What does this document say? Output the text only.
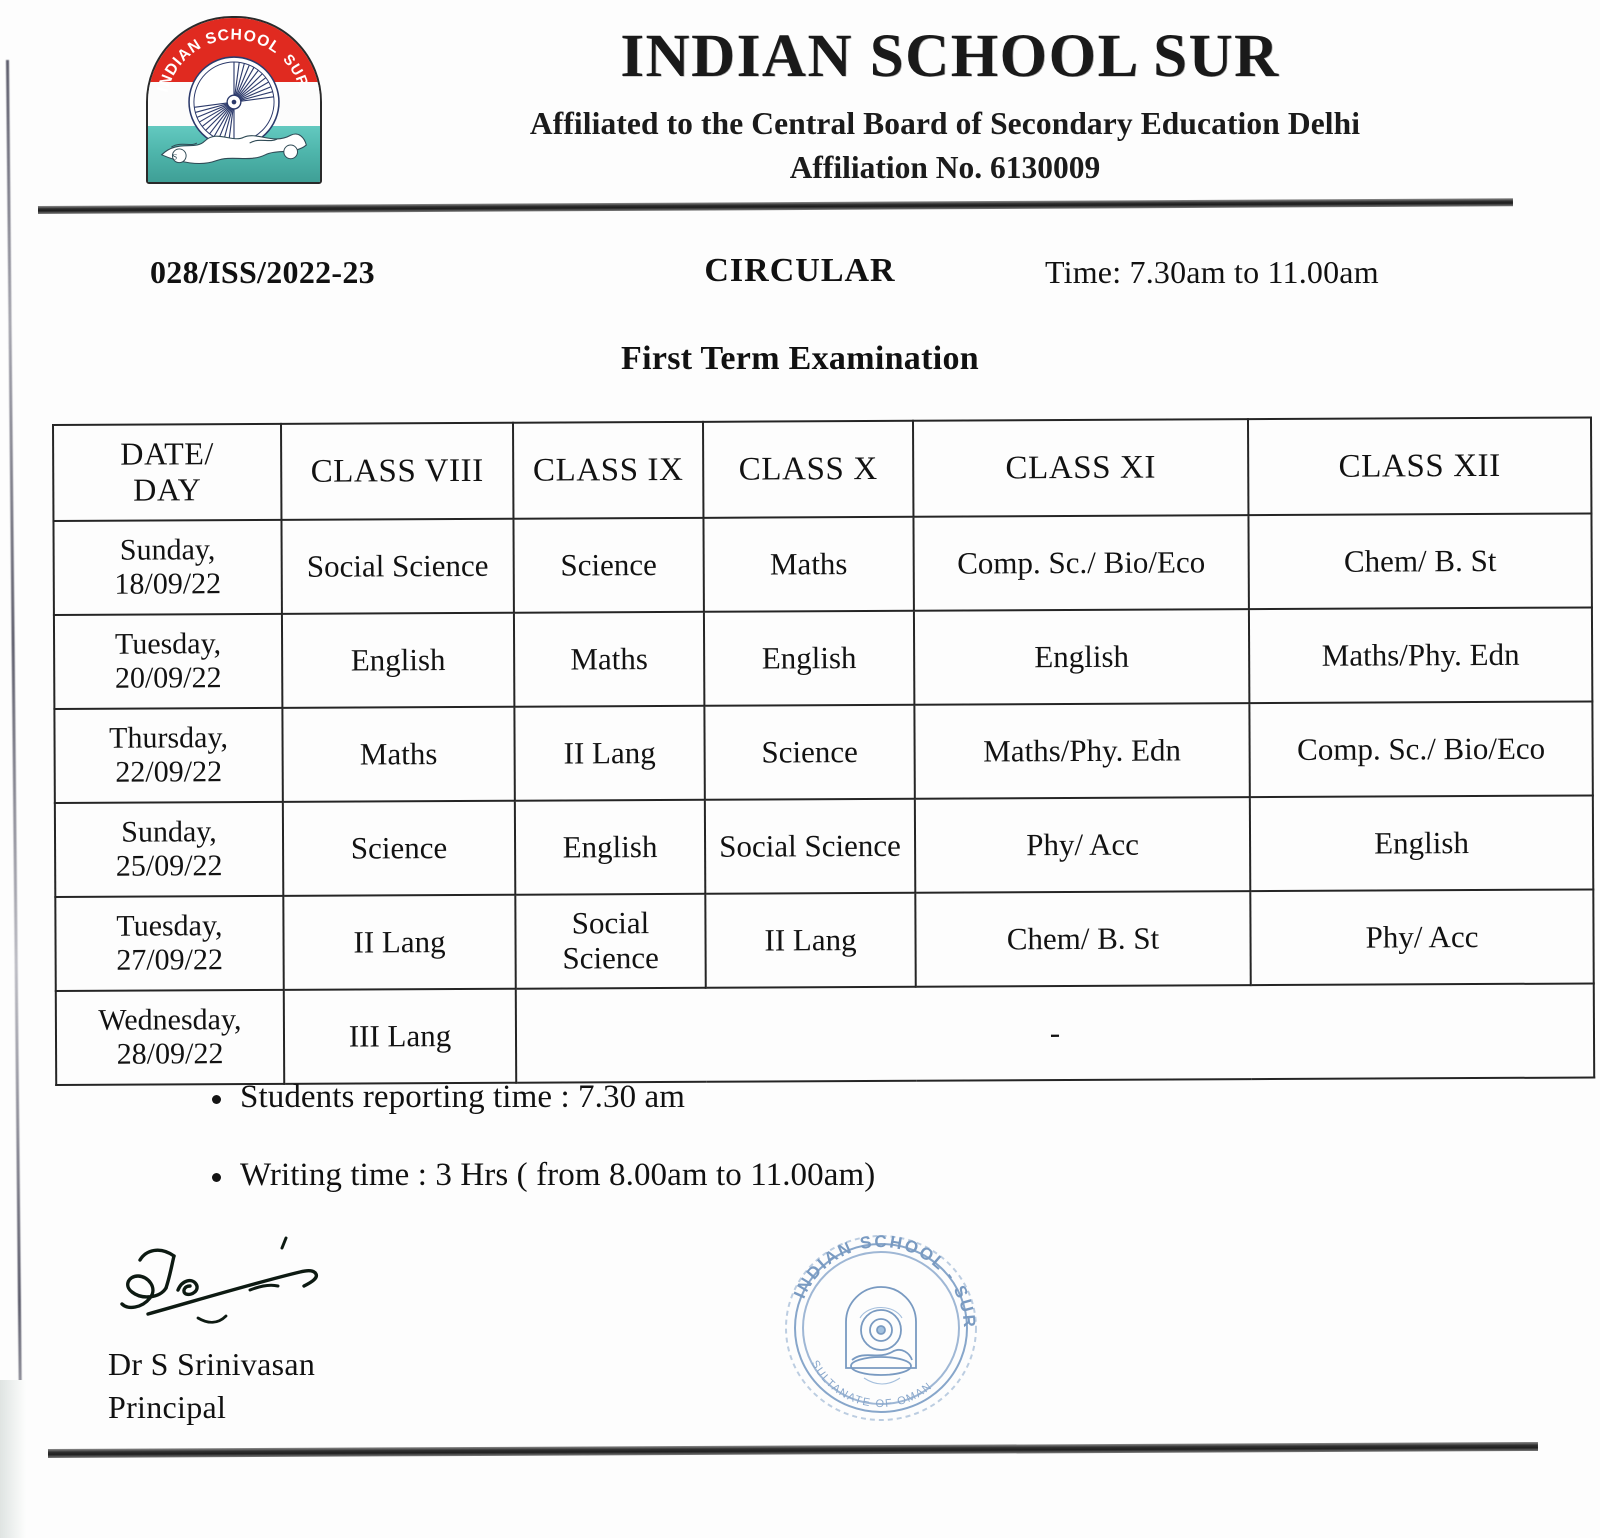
INDIAN SCHOOL
SUR
S
INDIAN SCHOOL SUR
Affiliated to the Central Board of Secondary Education Delhi
Affiliation No. 6130009
028/ISS/2022-23	CIRCULAR	Time: 7.30am to 11.00am
First Term Examination
DATE/
DAY	CLASS VIII	CLASS IX	CLASS X	CLASS XI	CLASS XII
Sunday,
18/09/22	Social Science	Science	Maths	Comp. Sc./ Bio/Eco	Chem/ B. St
Tuesday,
20/09/22	English	Maths	English	English	Maths/Phy. Edn
Thursday,
22/09/22	Maths	II Lang	Science	Maths/Phy. Edn	Comp. Sc./ Bio/Eco
Sunday,
25/09/22	Science	English	Social Science	Phy/ Acc	English
Tuesday,
27/09/22	II Lang	Social Science	II Lang	Chem/ B. St	Phy/ Acc
Wednesday,
28/09/22	III Lang	-			
Students reporting time : 7.30 am
Writing time : 3 Hrs ( from 8.00am to 11.00am)
Dr S Srinivasan
Principal
INDIAN SCHOOL - SUR
SULTANATE OF OMAN
